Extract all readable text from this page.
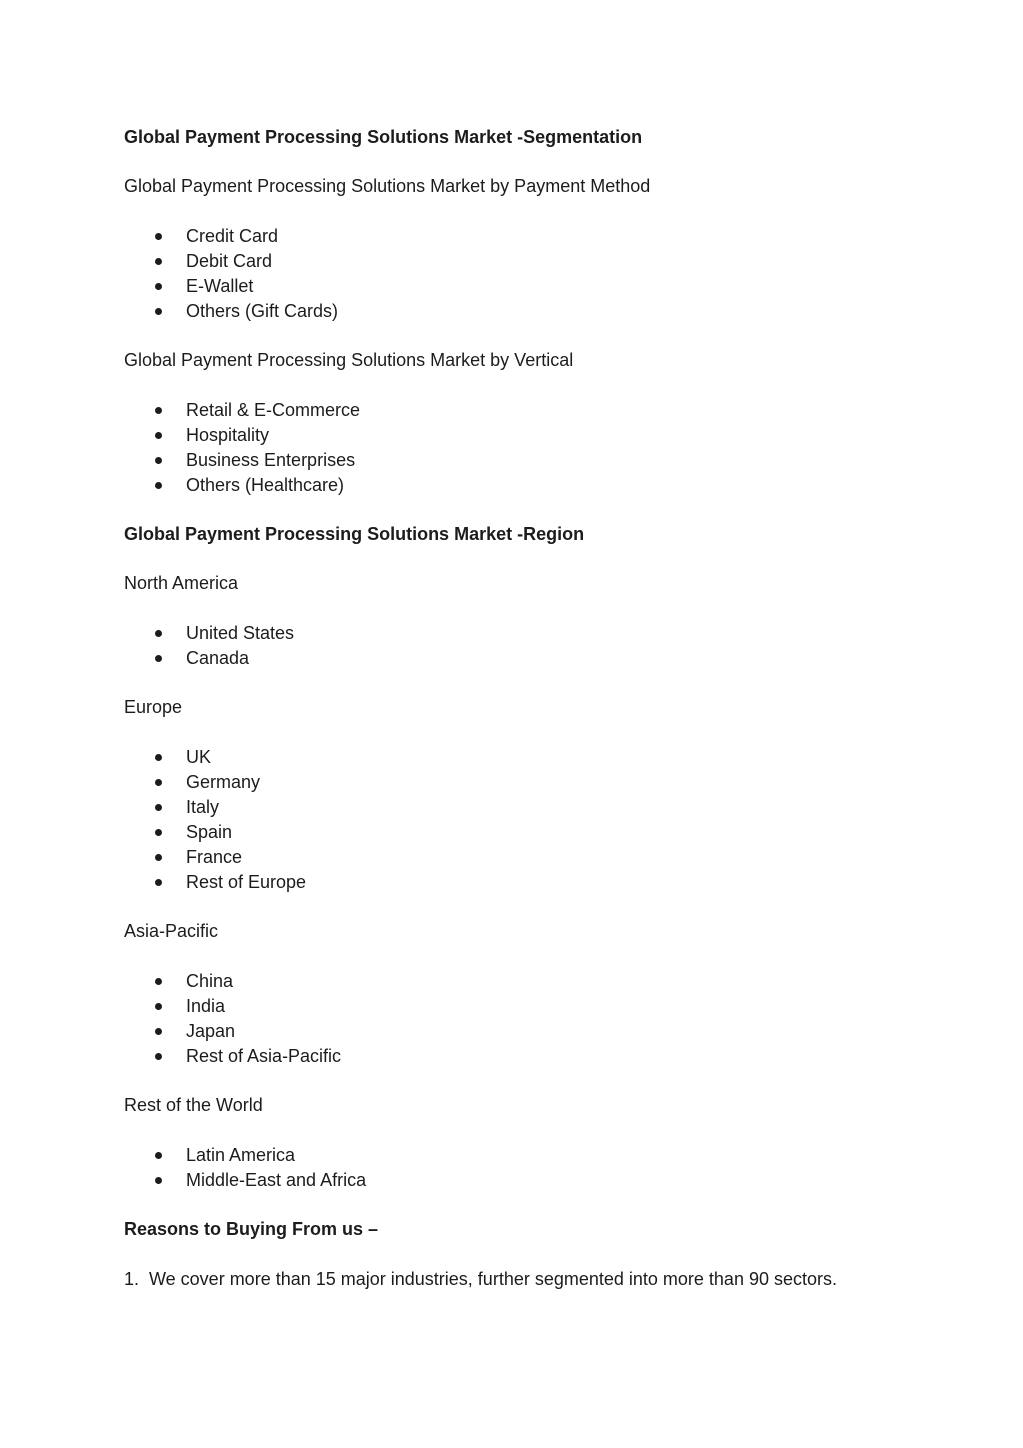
Global Payment Processing Solutions Market -Segmentation

Global Payment Processing Solutions Market by Payment Method

Credit Card

Debit Card

E-Wallet

Others (Gift Cards)

Global Payment Processing Solutions Market by Vertical

Retail & E-Commerce

Hospitality

Business Enterprises

Others (Healthcare)

Global Payment Processing Solutions Market -Region

North America

United States

Canada

Europe

UK

Germany

Italy

Spain

France

Rest of Europe

Asia-Pacific

China

India

Japan

Rest of Asia-Pacific

Rest of the World

Latin America

Middle-East and Africa

Reasons to Buying From us –

1. We cover more than 15 major industries, further segmented into more than 90 sectors.
